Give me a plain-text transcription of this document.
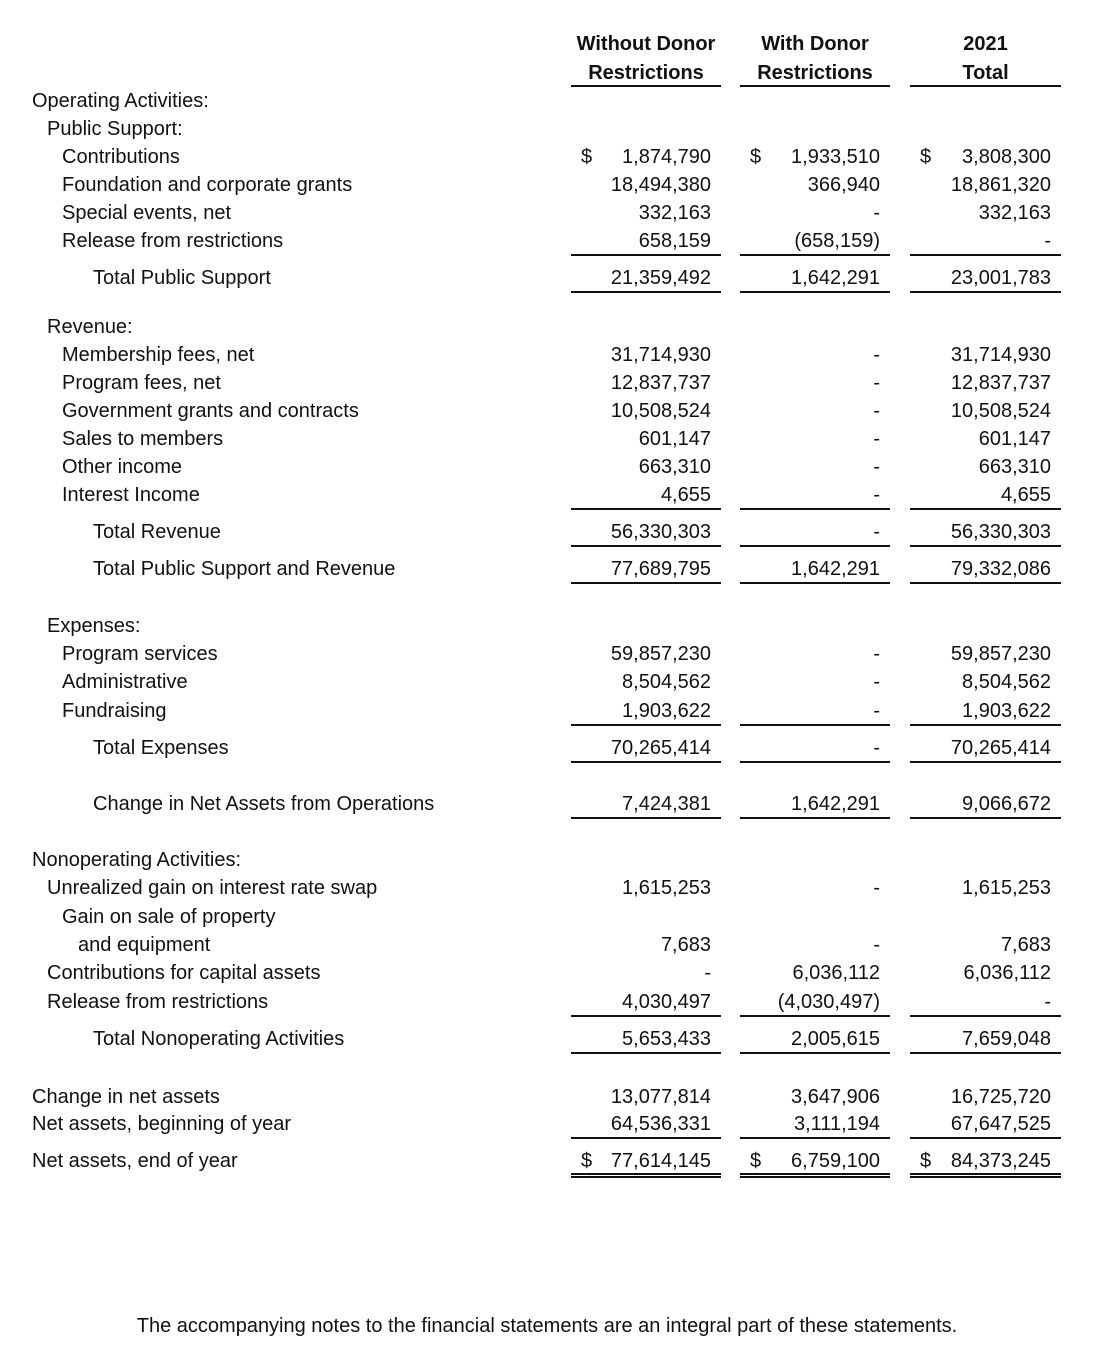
Without Donor
Restrictions
With Donor
Restrictions
2021
Total
Operating Activities:
Public Support:
Contributions	$ 1,874,790 $ 1,933,510 $ 3,808,300
Foundation and corporate grants	18,494,380	366,940	18,861,320
Special events, net	332,163	-	332,163
Release from restrictions	658,159	(658,159)	-
Total Public Support	21,359,492	1,642,291	23,001,783
Revenue:
Membership fees, net	31,714,930	-	31,714,930
Program fees, net	12,837,737	-	12,837,737
Government grants and contracts	10,508,524	-	10,508,524
Sales to members	601,147	-	601,147
Other income	663,310	-	663,310
Interest Income	4,655	-	4,655
Total Revenue	56,330,303	-	56,330,303
Total Public Support and Revenue	77,689,795	1,642,291	79,332,086
Expenses:
Program services	59,857,230	-	59,857,230
Administrative	8,504,562	-	8,504,562
Fundraising	1,903,622	-	1,903,622
Total Expenses	70,265,414	-	70,265,414
Change in Net Assets from Operations	7,424,381	1,642,291	9,066,672
Nonoperating Activities:
Unrealized gain on interest rate swap	1,615,253	-	1,615,253
Gain on sale of property
and equipment	7,683	-	7,683
Contributions for capital assets	-	6,036,112	6,036,112
Release from restrictions	4,030,497	(4,030,497)	-
Total Nonoperating Activities	5,653,433	2,005,615	7,659,048
Change in net assets	13,077,814	3,647,906	16,725,720
Net assets, beginning of year	64,536,331	3,111,194	67,647,525
Net assets, end of year	$ 77,614,145 $ 6,759,100 $ 84,373,245
The accompanying notes to the financial statements are an integral part of these statements.
